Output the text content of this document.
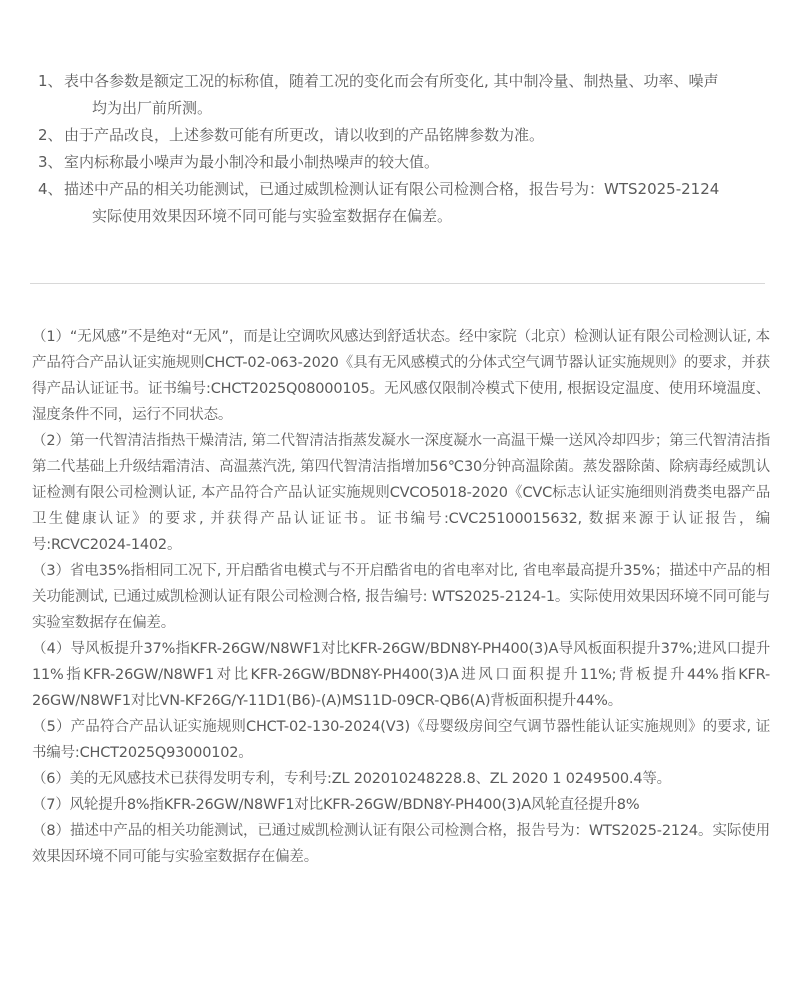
1、 表中各参数是额定工况的标称值，随着工况的变化而会有所变化, 其中制冷量、制热量、功率、噪声
均为出厂前所测。
2、 由于产品改良，上述参数可能有所更改，请以收到的产品铭牌参数为准。
3、 室内标称最小噪声为最小制冷和最小制热噪声的较大值。
4、 描述中产品的相关功能测试，已通过威凯检测认证有限公司检测合格，报告号为：WTS2025-2124
实际使用效果因环境不同可能与实验室数据存在偏差。

（1）“无风感”不是绝对“无风”，而是让空调吹风感达到舒适状态。经中家院（北京）检测认证有限公司检测认证, 本产品符合产品认证实施规则CHCT-02-063-2020《具有无风感模式的分体式空气调节器认证实施规则》的要求，并获得产品认证证书。证书编号:CHCT2025Q08000105。无风感仅限制冷模式下使用, 根据设定温度、使用环境温度、湿度条件不同，运行不同状态。

（2）第一代智清洁指热干燥清洁, 第二代智清洁指蒸发凝水一深度凝水一高温干燥一送风冷却四步；第三代智清洁指第二代基础上升级结霜清洁、高温蒸汽洗, 第四代智清洁指增加56℃30分钟高温除菌。蒸发器除菌、除病毒经威凯认证检测有限公司检测认证, 本产品符合产品认证实施规则CVCO5018-2020《CVC标志认证实施细则消费类电器产品卫生健康认证》的要求, 并获得产品认证证书。证书编号:CVC25100015632, 数据来源于认证报告，编号:RCVC2024-1402。

（3）省电35%指相同工况下, 开启酷省电模式与不开启酷省电的省电率对比, 省电率最高提升35%；描述中产品的相关功能测试, 已通过威凯检测认证有限公司检测合格, 报告编号: WTS2025-2124-1。实际使用效果因环境不同可能与实验室数据存在偏差。

（4）导风板提升37%指KFR-26GW/N8WF1对比KFR-26GW/BDN8Y-PH400(3)A导风板面积提升37%;进风口提升11%指KFR-26GW/N8WF1对比KFR-26GW/BDN8Y-PH400(3)A进风口面积提升11%;背板提升44%指KFR-26GW/N8WF1对比VN-KF26G/Y-11D1(B6)-(A)MS11D-09CR-QB6(A)背板面积提升44%。

（5）产品符合产品认证实施规则CHCT-02-130-2024(V3)《母婴级房间空气调节器性能认证实施规则》的要求, 证书编号:CHCT2025Q93000102。

（6）美的无风感技术已获得发明专利，专利号:ZL 202010248228.8、ZL 2020 1 0249500.4等。

（7）风轮提升8%指KFR-26GW/N8WF1对比KFR-26GW/BDN8Y-PH400(3)A风轮直径提升8%

（8）描述中产品的相关功能测试，已通过威凯检测认证有限公司检测合格，报告号为：WTS2025-2124。实际使用效果因环境不同可能与实验室数据存在偏差。
